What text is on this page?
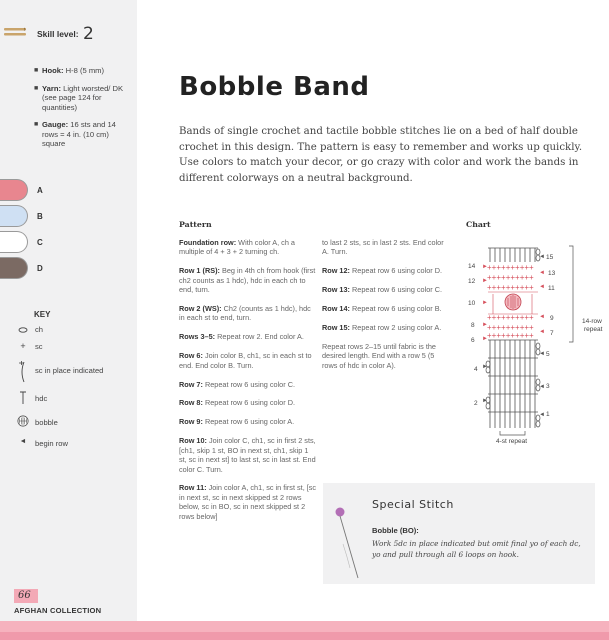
Skill level: 2
■ Hook: H-8 (5 mm)
■ Yarn: Light worsted/ DK (see page 124 for quantities)
■ Gauge: 16 sts and 14 rows = 4 in. (10 cm) square
A
B
C
D
KEY
ch
+	sc
sc in place indicated
hdc
bobble
◄	begin row
66
AFGHAN COLLECTION
Bobble Band
Bands of single crochet and tactile bobble stitches lie on a bed of half double crochet in this design. The pattern is easy to remember and works up quickly. Use colors to match your decor, or go crazy with color and work the bands in different colorways on a neutral background.
Pattern

Foundation row: With color A, ch a multiple of 4 + 3 + 2 turning ch.

Row 1 (RS): Beg in 4th ch from hook (first ch2 counts as 1 hdc), hdc in each ch to end, turn.

Row 2 (WS): Ch2 (counts as 1 hdc), hdc in each st to end, turn.

Rows 3–5: Repeat row 2. End color A.

Row 6: Join color B, ch1, sc in each st to end. End color B. Turn.

Row 7: Repeat row 6 using color C.

Row 8: Repeat row 6 using color D.

Row 9: Repeat row 6 using color A.

Row 10: Join color C, ch1, sc in first 2 sts, [ch1, skip 1 st, BO in next st, ch1, skip 1 st, sc in next st] to last st, sc in last st. End color C. Turn.

Row 11: Join color A, ch1, sc in first st, [sc in next st, sc in next skipped st 2 rows below, sc in BO, sc in next skipped st 2 rows below]

to last 2 sts, sc in last 2 sts. End color A. Turn.

Row 12: Repeat row 6 using color D.

Row 13: Repeat row 6 using color C.

Row 14: Repeat row 6 using color B.

Row 15: Repeat row 2 using color A.

Repeat rows 2–15 until fabric is the desired length. End with a row 5 (5 rows of hdc in color A).

Chart
++++++++++
++++++++++
++++++++++
++++++++++
++++++++++
++++++++++
►
►
►
►
►
◄
◄
◄
◄
◄
◄
◄
◄
►
►
14
12
10
8
6
4
2
15
13
11
9
7
5
3
1
4-st repeat
14-row repeat
Special Stitch
Bobble (BO):
Work 5dc in place indicated but omit final yo of each dc, yo and pull through all 6 loops on hook.
